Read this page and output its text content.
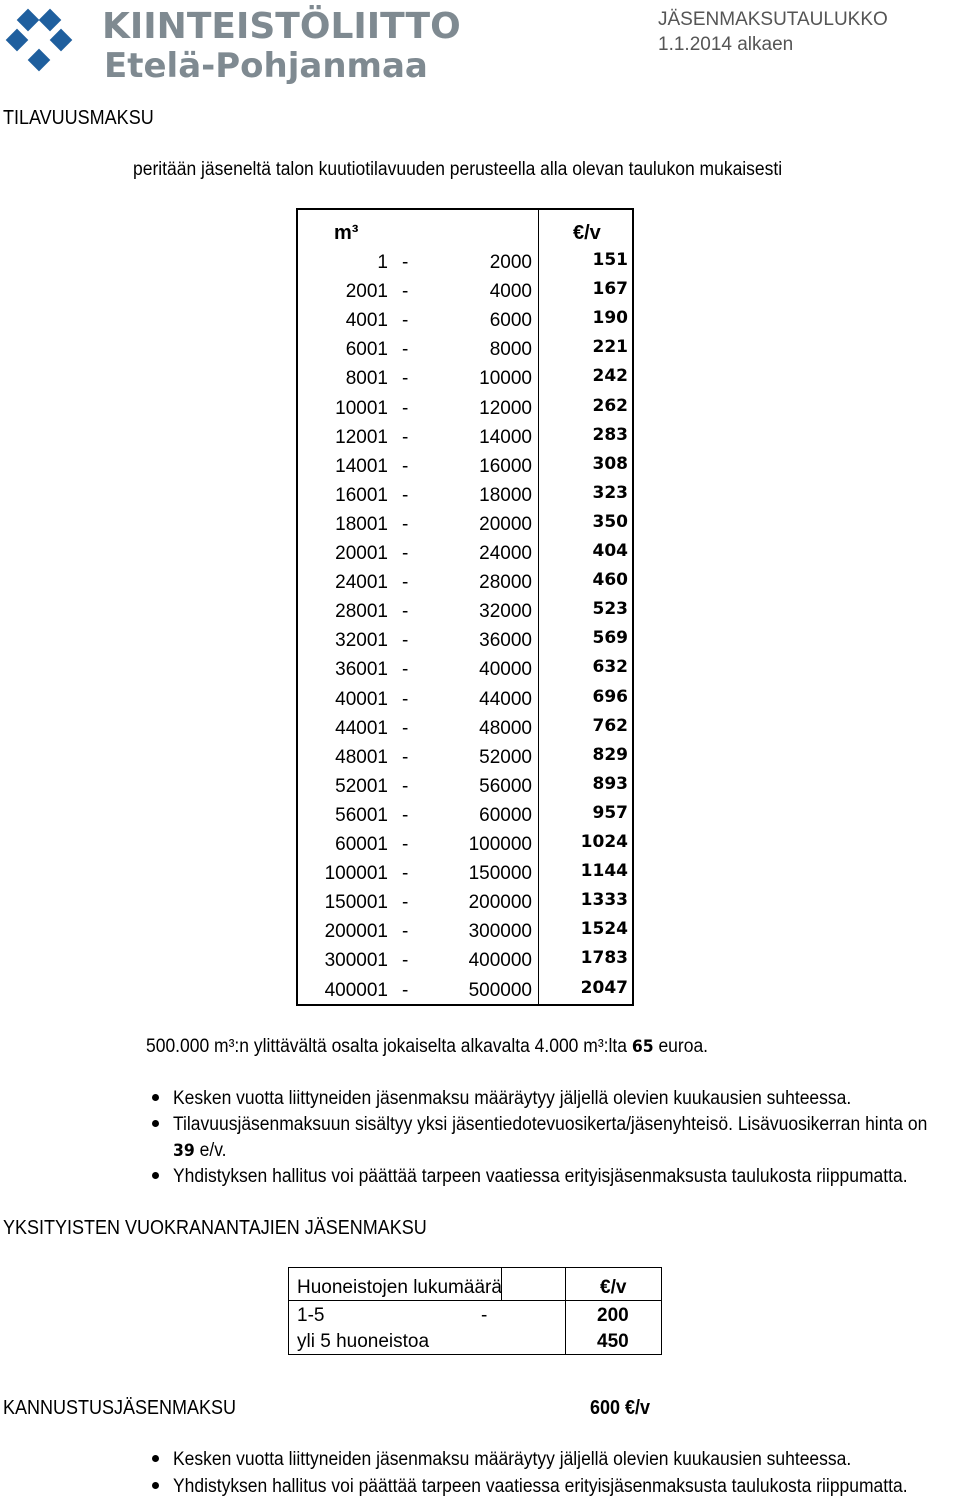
KIINTEISTÖLIITTO
Etelä-Pohjanmaa
JÄSENMAKSUTAULUKKO
1.1.2014 alkaen
TILAVUUSMAKSU
peritään jäseneltä talon kuutiotilavuuden perusteella alla olevan taulukon mukaisesti
m³	€/v
1 -	2000	151
2001 -	4000	167
4001 -	6000	190
6001 -	8000	221
8001 -	10000	242
10001 -	12000	262
12001 -	14000	283
14001 -	16000	308
16001 -	18000	323
18001 -	20000	350
20001 -	24000	404
24001 -	28000	460
28001 -	32000	523
32001 -	36000	569
36001 -	40000	632
40001 -	44000	696
44001 -	48000	762
48001 -	52000	829
52001 -	56000	893
56001 -	60000	957
60001 -	100000	1024
100001 -	150000	1144
150001 -	200000	1333
200001 -	300000	1524
300001 -	400000	1783
400001 -	500000	2047
500.000 m³:n ylittävältä osalta jokaiselta alkavalta 4.000 m³:lta 65 euroa.
Kesken vuotta liittyneiden jäsenmaksu määräytyy jäljellä olevien kuukausien suhteessa.
Tilavuusjäsenmaksuun sisältyy yksi jäsentiedotevuosikerta/jäsenyhteisö. Lisävuosikerran hinta on
39 e/v.
Yhdistyksen hallitus voi päättää tarpeen vaatiessa erityisjäsenmaksusta taulukosta riippumatta.
YKSITYISTEN VUOKRANANTAJIEN JÄSENMAKSU
Huoneistojen lukumäärä	€/v
1-5	-	200
yli 5 huoneistoa	450
KANNUSTUSJÄSENMAKSU	600 €/v
Kesken vuotta liittyneiden jäsenmaksu määräytyy jäljellä olevien kuukausien suhteessa.
Yhdistyksen hallitus voi päättää tarpeen vaatiessa erityisjäsenmaksusta taulukosta riippumatta.
